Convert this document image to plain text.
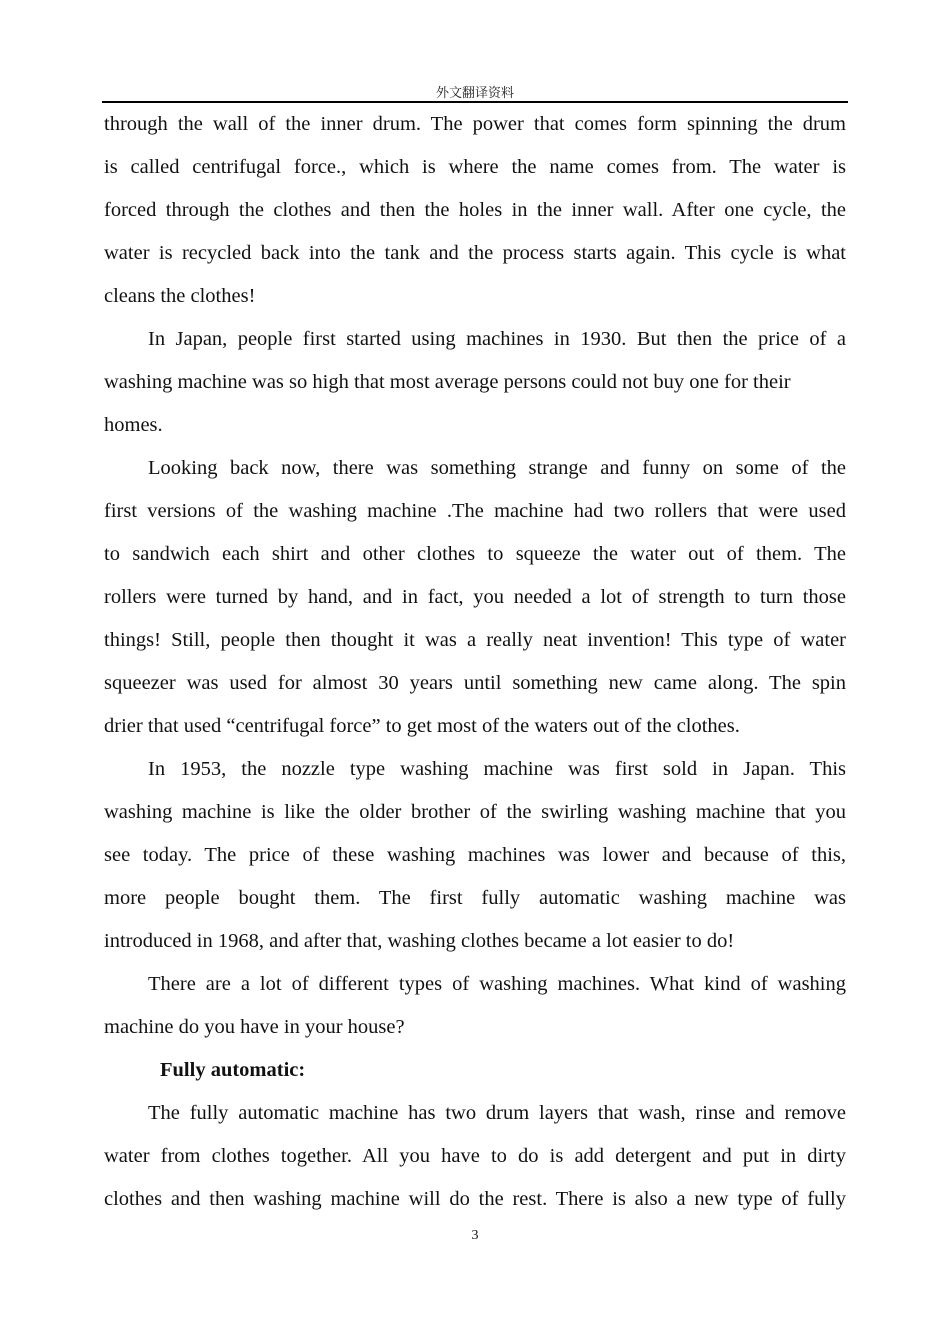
外文翻译资料
through the wall of the inner drum. The power that comes form spinning the drum
is called centrifugal force., which is where the name comes from. The water is
forced through the clothes and then the holes in the inner wall. After one cycle, the
water is recycled back into the tank and the process starts again. This cycle is what
cleans the clothes!
In Japan, people first started using machines in 1930. But then the price of a
washing machine was so high that most average persons could not buy one for their
homes.
Looking back now, there was something strange and funny on some of the
first versions of the washing machine .The machine had two rollers that were used
to sandwich each shirt and other clothes to squeeze the water out of them. The
rollers were turned by hand, and in fact, you needed a lot of strength to turn those
things! Still, people then thought it was a really neat invention! This type of water
squeezer was used for almost 30 years until something new came along. The spin
drier that used “centrifugal force” to get most of the waters out of the clothes.
In 1953, the nozzle type washing machine was first sold in Japan. This
washing machine is like the older brother of the swirling washing machine that you
see today. The price of these washing machines was lower and because of this,
more people bought them. The first fully automatic washing machine was
introduced in 1968, and after that, washing clothes became a lot easier to do!
There are a lot of different types of washing machines. What kind of washing
machine do you have in your house?
Fully automatic:
The fully automatic machine has two drum layers that wash, rinse and remove
water from clothes together. All you have to do is add detergent and put in dirty
clothes and then washing machine will do the rest. There is also a new type of fully
3
